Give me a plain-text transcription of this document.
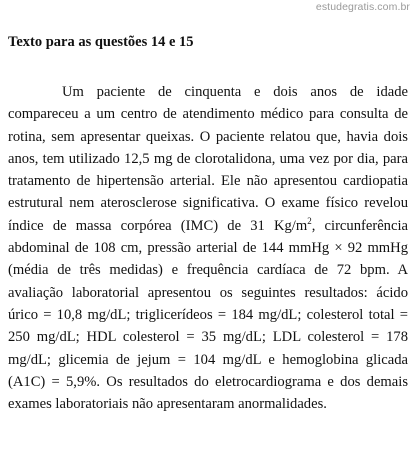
estudegratis.com.br
Texto para as questões 14 e 15

Um paciente de cinquenta e dois anos de idade compareceu a um centro de atendimento médico para consulta de rotina, sem apresentar queixas. O paciente relatou que, havia dois anos, tem utilizado 12,5 mg de clorotalidona, uma vez por dia, para tratamento de hipertensão arterial. Ele não apresentou cardiopatia estrutural nem aterosclerose significativa. O exame físico revelou índice de massa corpórea (IMC) de 31 $Kg/m^2$, circunferência abdominal de 108 cm, pressão arterial de 144 mmHg × 92 mmHg (média de três medidas) e frequência cardíaca de 72 bpm. A avaliação laboratorial apresentou os seguintes resultados: ácido úrico = 10,8 mg/dL; triglicerídeos = 184 mg/dL; colesterol total = 250 mg/dL; HDL colesterol = 35 mg/dL; LDL colesterol = 178 mg/dL; glicemia de jejum = 104 mg/dL e hemoglobina glicada (A1C) = 5,9%. Os resultados do eletrocardiograma e dos demais exames laboratoriais não apresentaram anormalidades.
